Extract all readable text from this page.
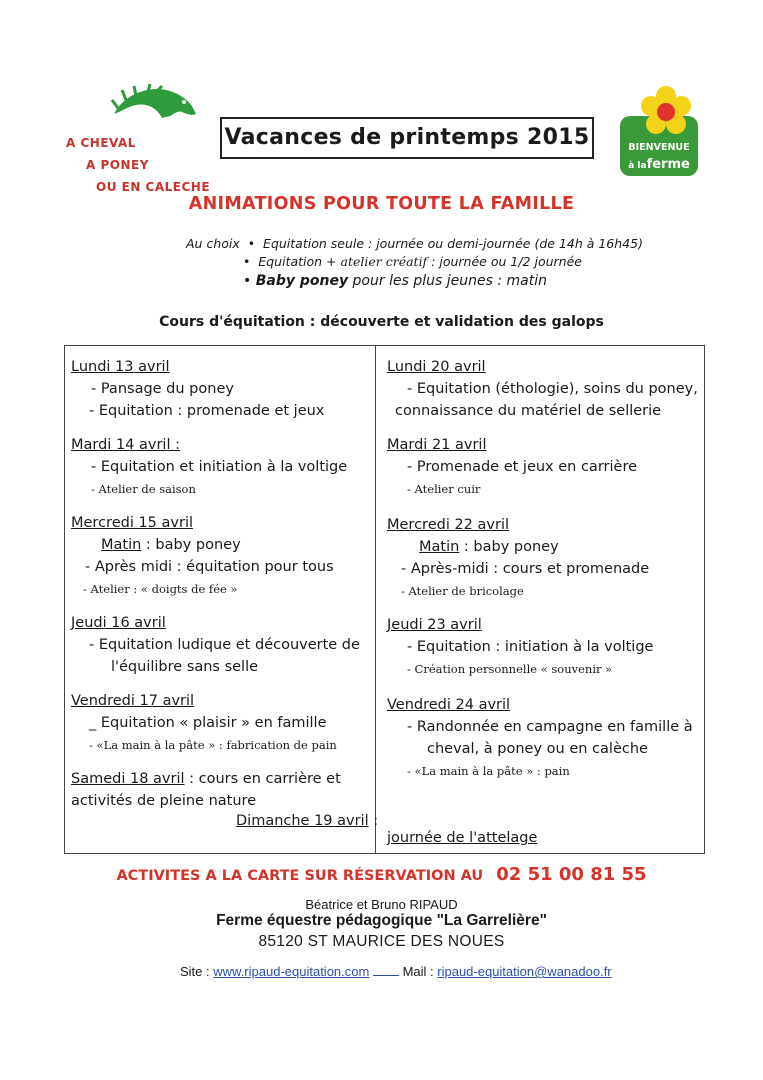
A CHEVAL
A PONEY
OU EN CALECHE
Vacances de printemps 2015	BIENVENUE
à laferme
ANIMATIONS POUR TOUTE LA FAMILLE
Au choix  •  Equitation seule : journée ou demi-journée (de 14h à 16h45)
•  Equitation + atelier créatif : journée ou 1/2 journée
• Baby poney pour les plus jeunes : matin
Cours d'équitation : découverte et validation des galops
Lundi 13 avril
- Pansage du poney
- Equitation : promenade et jeux
Mardi 14 avril :
- Equitation et initiation à la voltige
- Atelier de saison
Mercredi 15 avril
Matin : baby poney
- Après midi : équitation pour tous
- Atelier : « doigts de fée »
Jeudi 16 avril
- Equitation ludique et découverte de
l'équilibre sans selle
Vendredi 17 avril
_ Equitation « plaisir » en famille
- «La main à la pâte » : fabrication de pain
Samedi 18 avril : cours en carrière et
activités de pleine nature
Dimanche 19 avril :
Lundi 20 avril
- Equitation (éthologie), soins du poney,
connaissance du matériel de sellerie
Mardi 21 avril
- Promenade et jeux en carrière
- Atelier cuir
Mercredi 22 avril
Matin : baby poney
- Après-midi : cours et promenade
- Atelier de bricolage
Jeudi 23 avril
- Equitation : initiation à la voltige
- Création personnelle « souvenir »
Vendredi 24 avril
- Randonnée en campagne en famille à
cheval, à poney ou en calèche
- «La main à la pâte » : pain
journée de l'attelage
ACTIVITES A LA CARTE SUR RÉSERVATION AU 02 51 00 81 55
Béatrice et Bruno RIPAUD
Ferme équestre pédagogique "La Garrelière"
85120 ST MAURICE DES NOUES
Site : www.ripaud-equitation.com	Mail : ripaud-equitation@wanadoo.fr
